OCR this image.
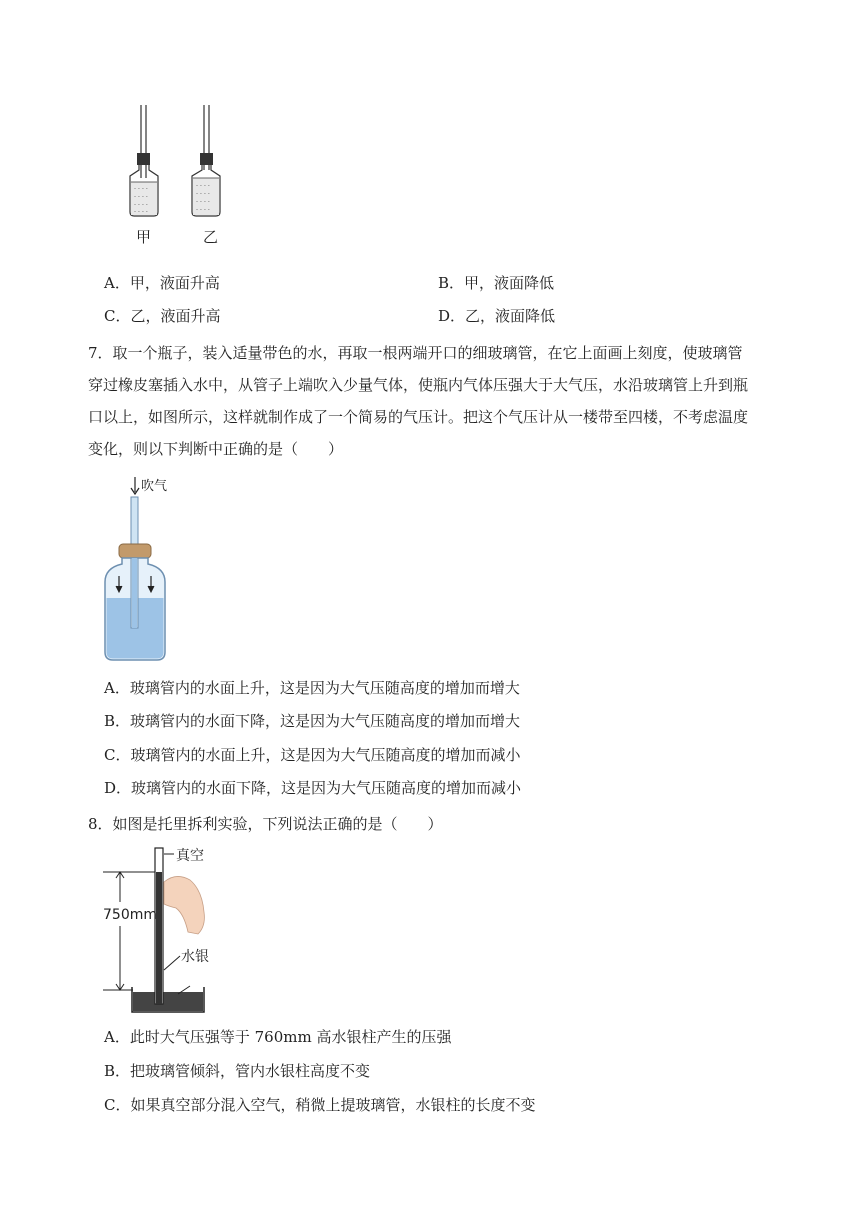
- - - -
- - - -
- - - -
- - - -
- - - -
- - - -
- - - -
- - - -
甲	乙
A．甲，液面升高	B．甲，液面降低
C．乙，液面升高	D．乙，液面降低
7．取一个瓶子，装入适量带色的水，再取一根两端开口的细玻璃管，在它上面画上刻度，使玻璃管
穿过橡皮塞插入水中，从管子上端吹入少量气体，使瓶内气体压强大于大气压，水沿玻璃管上升到瓶
口以上，如图所示，这样就制作成了一个简易的气压计。把这个气压计从一楼带至四楼，不考虑温度
变化，则以下判断中正确的是（　　）
吹气
A．玻璃管内的水面上升，这是因为大气压随高度的增加而增大
B．玻璃管内的水面下降，这是因为大气压随高度的增加而增大
C．玻璃管内的水面上升，这是因为大气压随高度的增加而减小
D．玻璃管内的水面下降，这是因为大气压随高度的增加而减小
8．如图是托里拆利实验，下列说法正确的是（　　）
真空
750mm
水银
A．此时大气压强等于 760mm 高水银柱产生的压强
B．把玻璃管倾斜，管内水银柱高度不变
C．如果真空部分混入空气，稍微上提玻璃管，水银柱的长度不变
